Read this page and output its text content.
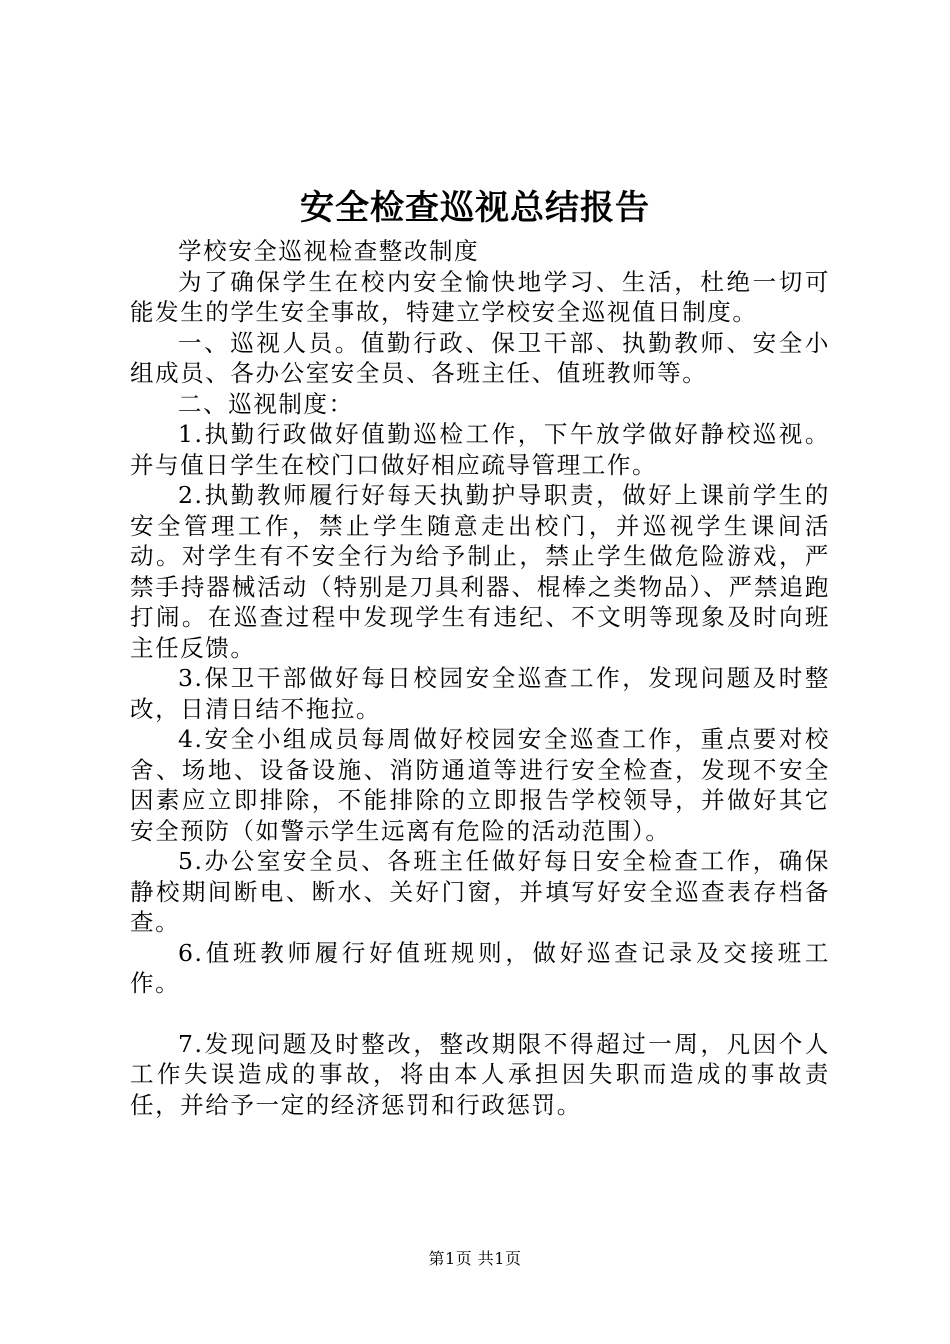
安全检查巡视总结报告

学校安全巡视检查整改制度

为了确保学生在校内安全愉快地学习、生活，杜绝一切可能发生的学生安全事故，特建立学校安全巡视值日制度。

一、巡视人员。值勤行政、保卫干部、执勤教师、安全小组成员、各办公室安全员、各班主任、值班教师等。

二、巡视制度：

1.执勤行政做好值勤巡检工作，下午放学做好静校巡视。并与值日学生在校门口做好相应疏导管理工作。

2.执勤教师履行好每天执勤护导职责，做好上课前学生的安全管理工作，禁止学生随意走出校门，并巡视学生课间活动。对学生有不安全行为给予制止，禁止学生做危险游戏，严禁手持器械活动（特别是刀具利器、棍棒之类物品）、严禁追跑打闹。在巡查过程中发现学生有违纪、不文明等现象及时向班主任反馈。

3.保卫干部做好每日校园安全巡查工作，发现问题及时整改，日清日结不拖拉。

4.安全小组成员每周做好校园安全巡查工作，重点要对校舍、场地、设备设施、消防通道等进行安全检查，发现不安全因素应立即排除，不能排除的立即报告学校领导，并做好其它安全预防（如警示学生远离有危险的活动范围）。

5.办公室安全员、各班主任做好每日安全检查工作，确保静校期间断电、断水、关好门窗，并填写好安全巡查表存档备查。

6.值班教师履行好值班规则，做好巡查记录及交接班工作。

7.发现问题及时整改，整改期限不得超过一周，凡因个人工作失误造成的事故，将由本人承担因失职而造成的事故责任，并给予一定的经济惩罚和行政惩罚。

第1页 共1页
